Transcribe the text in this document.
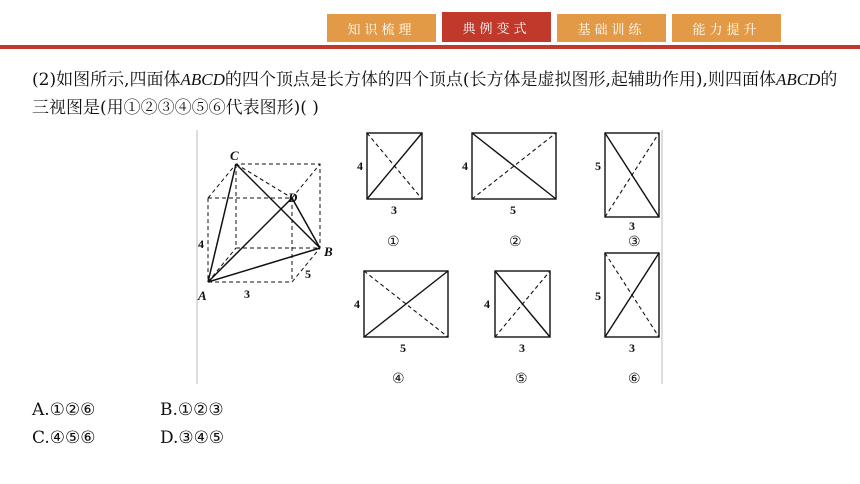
知识梳理	典例变式	基础训练	能力提升
(2)如图所示,四面体ABCD的四个顶点是长方体的四个顶点(长方体是虚拟图形,起辅助作用),则四面体ABCD的三视图是(用①②③④⑤⑥代表图形)( )
C
D
B
A
4
3
5
4
3
①
4
5
②
5
3
③
4
5
④
4
3
⑤
5
3
⑥
A.①②⑥	B.①②③
C.④⑤⑥	D.③④⑤
